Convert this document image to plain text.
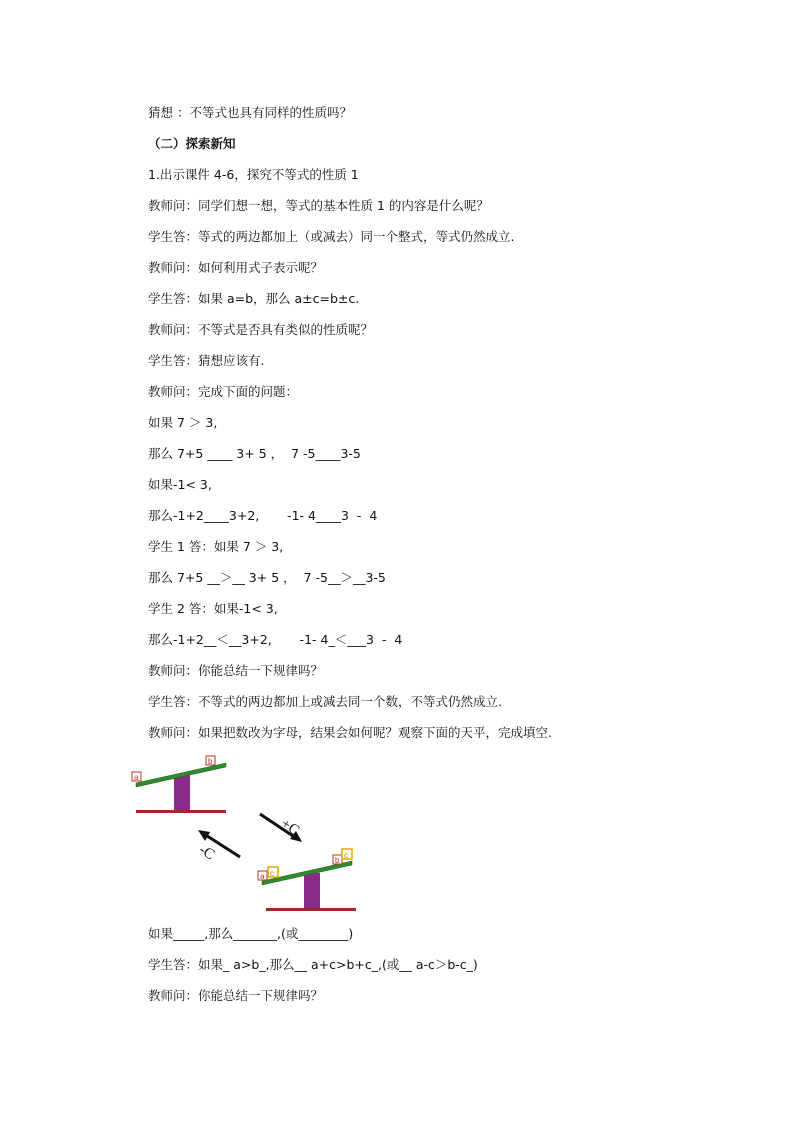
猜想 ：不等式也具有同样的性质吗？
（二）探索新知
1.出示课件 4-6，探究不等式的性质 1
教师问：同学们想一想，等式的基本性质 1 的内容是什么呢？
学生答：等式的两边都加上（或减去）同一个整式，等式仍然成立.
教师问：如何利用式子表示呢？
学生答：如果 a=b，那么 a±c=b±c.
教师问：不等式是否具有类似的性质呢？
学生答：猜想应该有.
教师问：完成下面的问题：
如果 7 ＞ 3,
那么 7+5 ____ 3+ 5 ，  7 -5____3-5
如果-1< 3,
那么-1+2____3+2,       -1- 4____3  -  4
学生 1 答：如果 7 ＞ 3,
那么 7+5 __＞__ 3+ 5 ，  7 -5__＞__3-5
学生 2 答：如果-1< 3,
那么-1+2__＜__3+2,       -1- 4_＜___3  -  4
教师问：你能总结一下规律吗？
学生答：不等式的两边都加上或减去同一个数，不等式仍然成立.
教师问：如果把数改为字母，结果会如何呢？观察下面的天平，完成填空.
a
b
+C
-C
a c
b
c
如果_____,那么_______,(或________)
学生答：如果_ a>b_,那么__ a+c>b+c_,(或__ a-c＞b-c_)
教师问：你能总结一下规律吗？
